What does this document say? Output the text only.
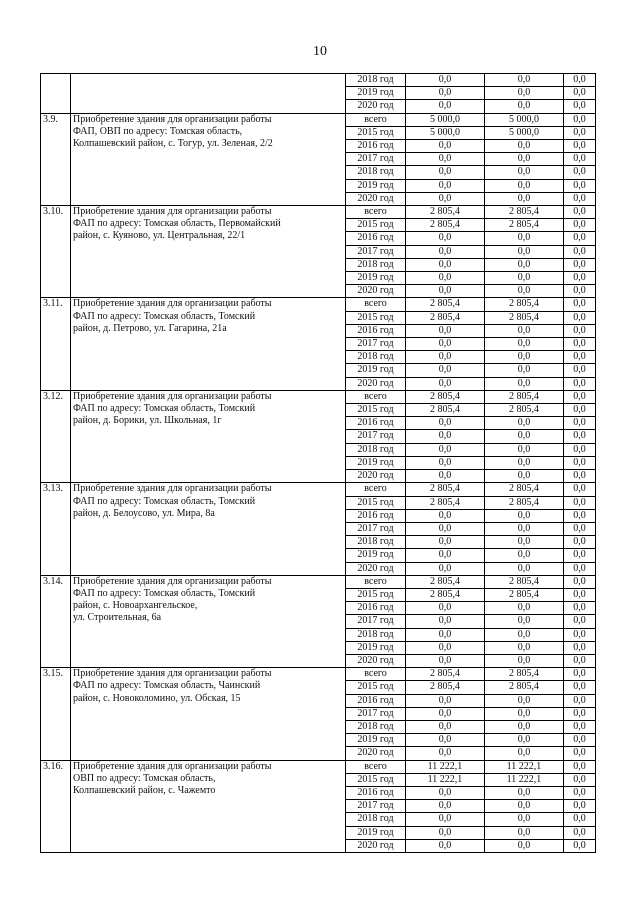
10
		2018 год	0,0	0,0	0,0
		2019 год	0,0	0,0	0,0
		2020 год	0,0	0,0	0,0
3.9.	Приобретение здания для организации работы
ФАП, ОВП по адресу: Томская область,
Колпашевский район, с. Тогур, ул. Зеленая, 2/2	всего	5 000,0	5 000,0	0,0
		2015 год	5 000,0	5 000,0	0,0
		2016 год	0,0	0,0	0,0
		2017 год	0,0	0,0	0,0
		2018 год	0,0	0,0	0,0
		2019 год	0,0	0,0	0,0
		2020 год	0,0	0,0	0,0
3.10.	Приобретение здания для организации работы
ФАП по адресу: Томская область, Первомайский
район, с. Куяново, ул. Центральная, 22/1	всего	2 805,4	2 805,4	0,0
		2015 год	2 805,4	2 805,4	0,0
		2016 год	0,0	0,0	0,0
		2017 год	0,0	0,0	0,0
		2018 год	0,0	0,0	0,0
		2019 год	0,0	0,0	0,0
		2020 год	0,0	0,0	0,0
3.11.	Приобретение здания для организации работы
ФАП по адресу: Томская область, Томский
район, д. Петрово, ул. Гагарина, 21а	всего	2 805,4	2 805,4	0,0
		2015 год	2 805,4	2 805,4	0,0
		2016 год	0,0	0,0	0,0
		2017 год	0,0	0,0	0,0
		2018 год	0,0	0,0	0,0
		2019 год	0,0	0,0	0,0
		2020 год	0,0	0,0	0,0
3.12.	Приобретение здания для организации работы
ФАП по адресу: Томская область, Томский
район, д. Борики, ул. Школьная, 1г	всего	2 805,4	2 805,4	0,0
		2015 год	2 805,4	2 805,4	0,0
		2016 год	0,0	0,0	0,0
		2017 год	0,0	0,0	0,0
		2018 год	0,0	0,0	0,0
		2019 год	0,0	0,0	0,0
		2020 год	0,0	0,0	0,0
3.13.	Приобретение здания для организации работы
ФАП по адресу: Томская область, Томский
район, д. Белоусово, ул. Мира, 8а	всего	2 805,4	2 805,4	0,0
		2015 год	2 805,4	2 805,4	0,0
		2016 год	0,0	0,0	0,0
		2017 год	0,0	0,0	0,0
		2018 год	0,0	0,0	0,0
		2019 год	0,0	0,0	0,0
		2020 год	0,0	0,0	0,0
3.14.	Приобретение здания для организации работы
ФАП по адресу: Томская область, Томский
район, с. Новоархангельское,
ул. Строительная, 6а	всего	2 805,4	2 805,4	0,0
		2015 год	2 805,4	2 805,4	0,0
		2016 год	0,0	0,0	0,0
		2017 год	0,0	0,0	0,0
		2018 год	0,0	0,0	0,0
		2019 год	0,0	0,0	0,0
		2020 год	0,0	0,0	0,0
3.15.	Приобретение здания для организации работы
ФАП по адресу: Томская область, Чаинский
район, с. Новоколомино, ул. Обская, 15	всего	2 805,4	2 805,4	0,0
		2015 год	2 805,4	2 805,4	0,0
		2016 год	0,0	0,0	0,0
		2017 год	0,0	0,0	0,0
		2018 год	0,0	0,0	0,0
		2019 год	0,0	0,0	0,0
		2020 год	0,0	0,0	0,0
3.16.	Приобретение здания для организации работы
ОВП по адресу: Томская область,
Колпашевский район, с. Чажемто	всего	11 222,1	11 222,1	0,0
		2015 год	11 222,1	11 222,1	0,0
		2016 год	0,0	0,0	0,0
		2017 год	0,0	0,0	0,0
		2018 год	0,0	0,0	0,0
		2019 год	0,0	0,0	0,0
		2020 год	0,0	0,0	0,0
